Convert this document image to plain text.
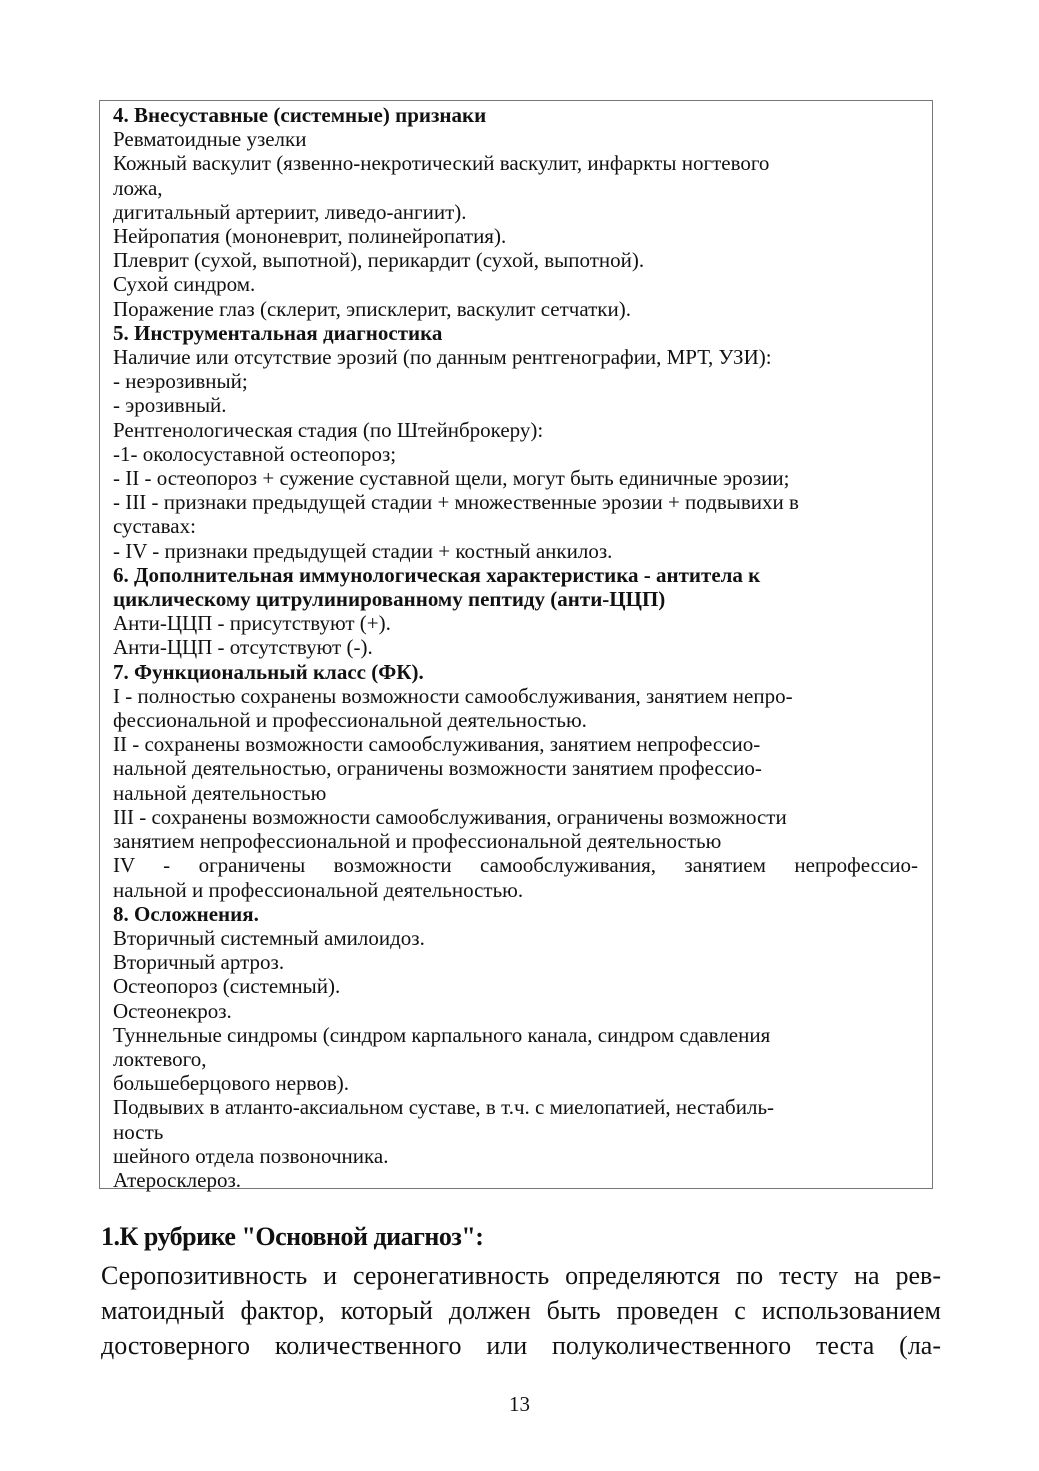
4. Внесуставные (системные) признаки
Ревматоидные узелки
Кожный васкулит (язвенно-некротический васкулит, инфаркты ногтевого
ложа,
дигитальный артериит, ливедо-ангиит).
Нейропатия (мононеврит, полинейропатия).
Плеврит (сухой, выпотной), перикардит (сухой, выпотной).
Сухой синдром.
Поражение глаз (склерит, эписклерит, васкулит сетчатки).
5. Инструментальная диагностика
Наличие или отсутствие эрозий (по данным рентгенографии, МРТ, УЗИ):
- неэрозивный;
- эрозивный.
Рентгенологическая стадия (по Штейнброкеру):
-1- околосуставной остеопороз;
- II - остеопороз + сужение суставной щели, могут быть единичные эрозии;
- III - признаки предыдущей стадии + множественные эрозии + подвывихи в
суставах:
- IV - признаки предыдущей стадии + костный анкилоз.
6. Дополнительная иммунологическая характеристика - антитела к
циклическому цитрулинированному пептиду (анти-ЦЦП)
Анти-ЦЦП - присутствуют (+).
Анти-ЦЦП - отсутствуют (-).
7. Функциональный класс (ФК).
I - полностью сохранены возможности самообслуживания, занятием непро-
фессиональной и профессиональной деятельностью.
II - сохранены возможности самообслуживания, занятием непрофессио-
нальной деятельностью, ограничены возможности занятием профессио-
нальной деятельностью
III - сохранены возможности самообслуживания, ограничены возможности
занятием непрофессиональной и профессиональной деятельностью
IV - ограничены возможности самообслуживания, занятием непрофессио-
нальной и профессиональной деятельностью.
8. Осложнения.
Вторичный системный амилоидоз.
Вторичный артроз.
Остеопороз (системный).
Остеонекроз.
Туннельные синдромы (синдром карпального канала, синдром сдавления
локтевого,
большеберцового нервов).
Подвывих в атланто-аксиальном суставе, в т.ч. с миелопатией, нестабиль-
ность
шейного отдела позвоночника.
Атеросклероз.
1.К рубрике "Основной диагноз":
Серопозитивность и серонегативность определяются по тесту на рев-
матоидный фактор, который должен быть проведен с использованием
достоверного количественного или полуколичественного теста (ла-
13
